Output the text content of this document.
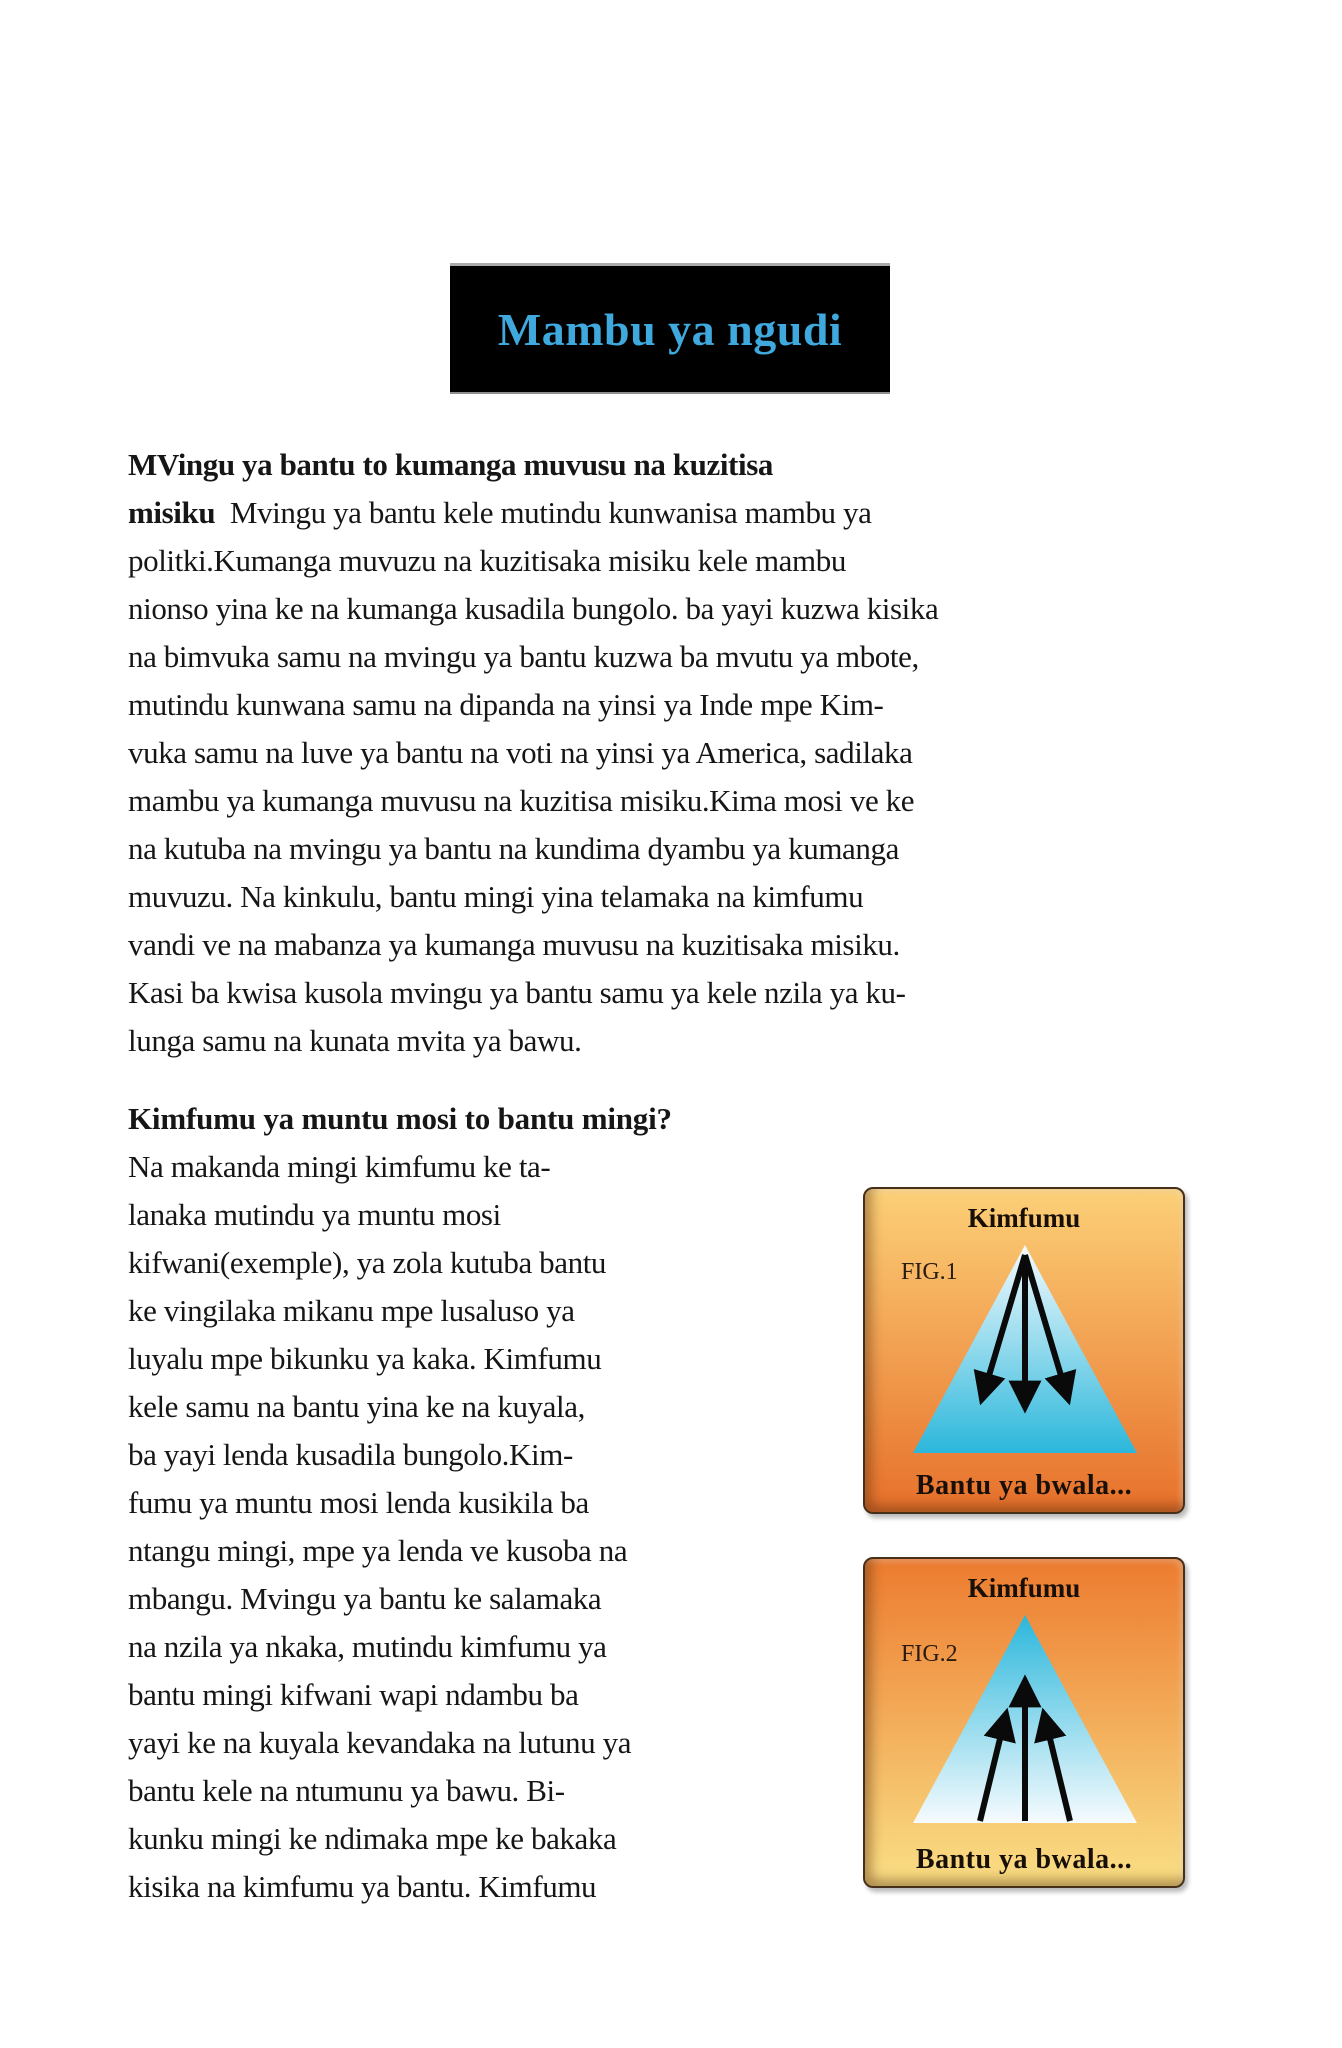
Mambu ya ngudi

MVingu ya bantu to kumanga muvusu na kuzitisa
misiku  Mvingu ya bantu kele mutindu kunwanisa mambu ya
politki.Kumanga muvuzu na kuzitisaka misiku kele mambu
nionso yina ke na kumanga kusadila bungolo. ba yayi kuzwa kisika
na bimvuka samu na mvingu ya bantu kuzwa ba mvutu ya mbote,
mutindu kunwana samu na dipanda na yinsi ya Inde mpe Kim-
vuka samu na luve ya bantu na voti na yinsi ya America, sadilaka
mambu ya kumanga muvusu na kuzitisa misiku.Kima mosi ve ke
na kutuba na mvingu ya bantu na kundima dyambu ya kumanga
muvuzu. Na kinkulu, bantu mingi yina telamaka na kimfumu
vandi ve na mabanza ya kumanga muvusu na kuzitisaka misiku.
Kasi ba kwisa kusola mvingu ya bantu samu ya kele nzila ya ku-
lunga samu na kunata mvita ya bawu.

Kimfumu ya muntu mosi to bantu mingi?

Na makanda mingi kimfumu ke ta-
lanaka mutindu ya muntu mosi
kifwani(exemple), ya zola kutuba bantu
ke vingilaka mikanu mpe lusaluso ya
luyalu mpe bikunku ya kaka. Kimfumu
kele samu na bantu yina ke na kuyala,
ba yayi lenda kusadila bungolo.Kim-
fumu ya muntu mosi lenda kusikila ba
ntangu mingi, mpe ya lenda ve kusoba na
mbangu. Mvingu ya bantu ke salamaka
na nzila ya nkaka, mutindu kimfumu ya
bantu mingi kifwani wapi ndambu ba
yayi ke na kuyala kevandaka na lutunu ya
bantu kele na ntumunu ya bawu. Bi-
kunku mingi ke ndimaka mpe ke bakaka
kisika na kimfumu ya bantu. Kimfumu

Kimfumu
FIG.1
Bantu ya bwala...
Kimfumu
FIG.2
Bantu ya bwala...
